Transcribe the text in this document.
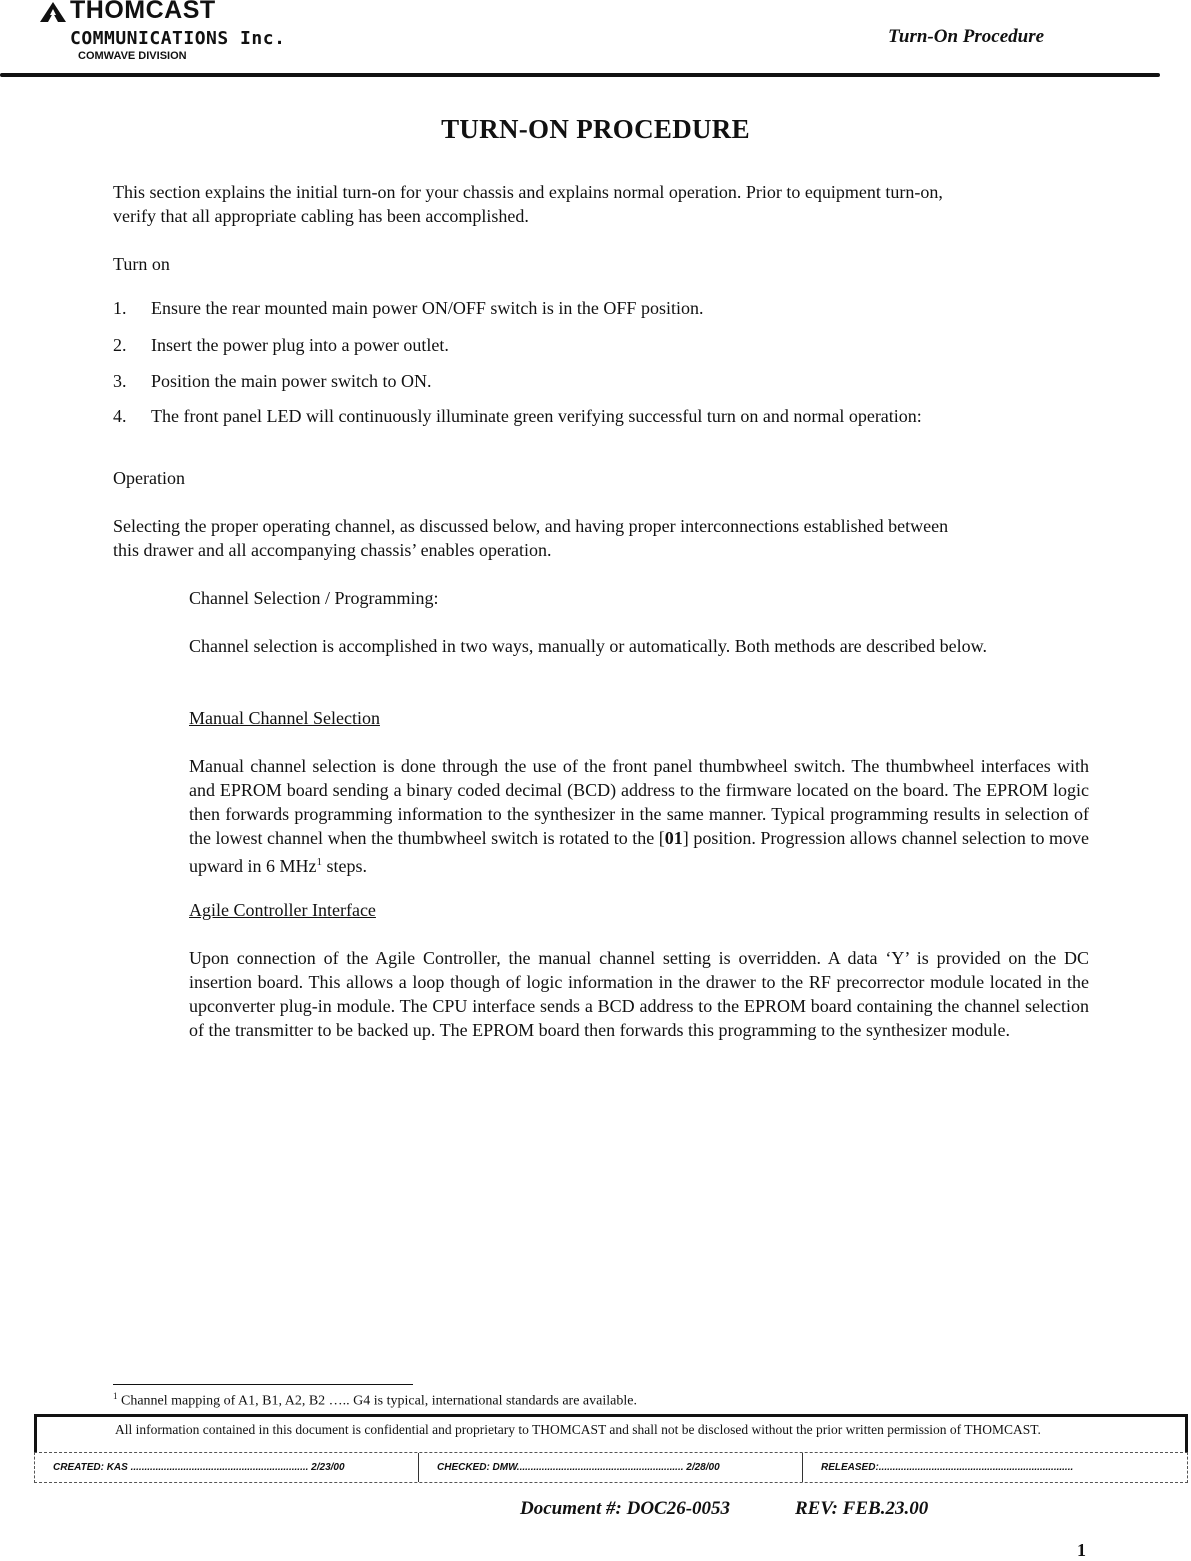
THOMCAST
COMMUNICATIONS Inc.
COMWAVE DIVISION
Turn-On Procedure
TURN-ON PROCEDURE
This section explains the initial turn-on for your chassis and explains normal operation. Prior to equipment turn-on,
verify that all appropriate cabling has been accomplished.
Turn on
1. Ensure the rear mounted main power ON/OFF switch is in the OFF position.
2. Insert the power plug into a power outlet.
3. Position the main power switch to ON.
4. The front panel LED will continuously illuminate green verifying successful turn on and normal operation:
Operation
Selecting the proper operating channel, as discussed below, and having proper interconnections established between
this drawer and all accompanying chassis’ enables operation.
Channel Selection / Programming:
Channel selection is accomplished in two ways, manually or automatically. Both methods are described below.
Manual Channel Selection
Manual channel selection is done through the use of the front panel thumbwheel switch. The thumbwheel interfaces with and EPROM board sending a binary coded decimal (BCD) address to the firmware located on the board. The EPROM logic then forwards programming information to the synthesizer in the same manner. Typical programming results in selection of the lowest channel when the thumbwheel switch is rotated to the [01] position. Progression allows channel selection to move upward in 6 MHz$^1$ steps.
Agile Controller Interface
Upon connection of the Agile Controller, the manual channel setting is overridden. A data ‘Y’ is provided on the DC insertion board. This allows a loop though of logic information in the drawer to the RF precorrector module located in the upconverter plug-in module. The CPU interface sends a BCD address to the EPROM board containing the channel selection of the transmitter to be backed up. The EPROM board then forwards this programming to the synthesizer module.
$^1$ Channel mapping of A1, B1, A2, B2 ….. G4 is typical, international standards are available.
All information contained in this document is confidential and proprietary to THOMCAST and shall not be disclosed without the prior written permission of THOMCAST.
CREATED: KAS ................................................................ 2/23/00	CHECKED: DMW............................................................ 2/28/00	RELEASED:......................................................................
Document #: DOC26-0053	REV: FEB.23.00
1
